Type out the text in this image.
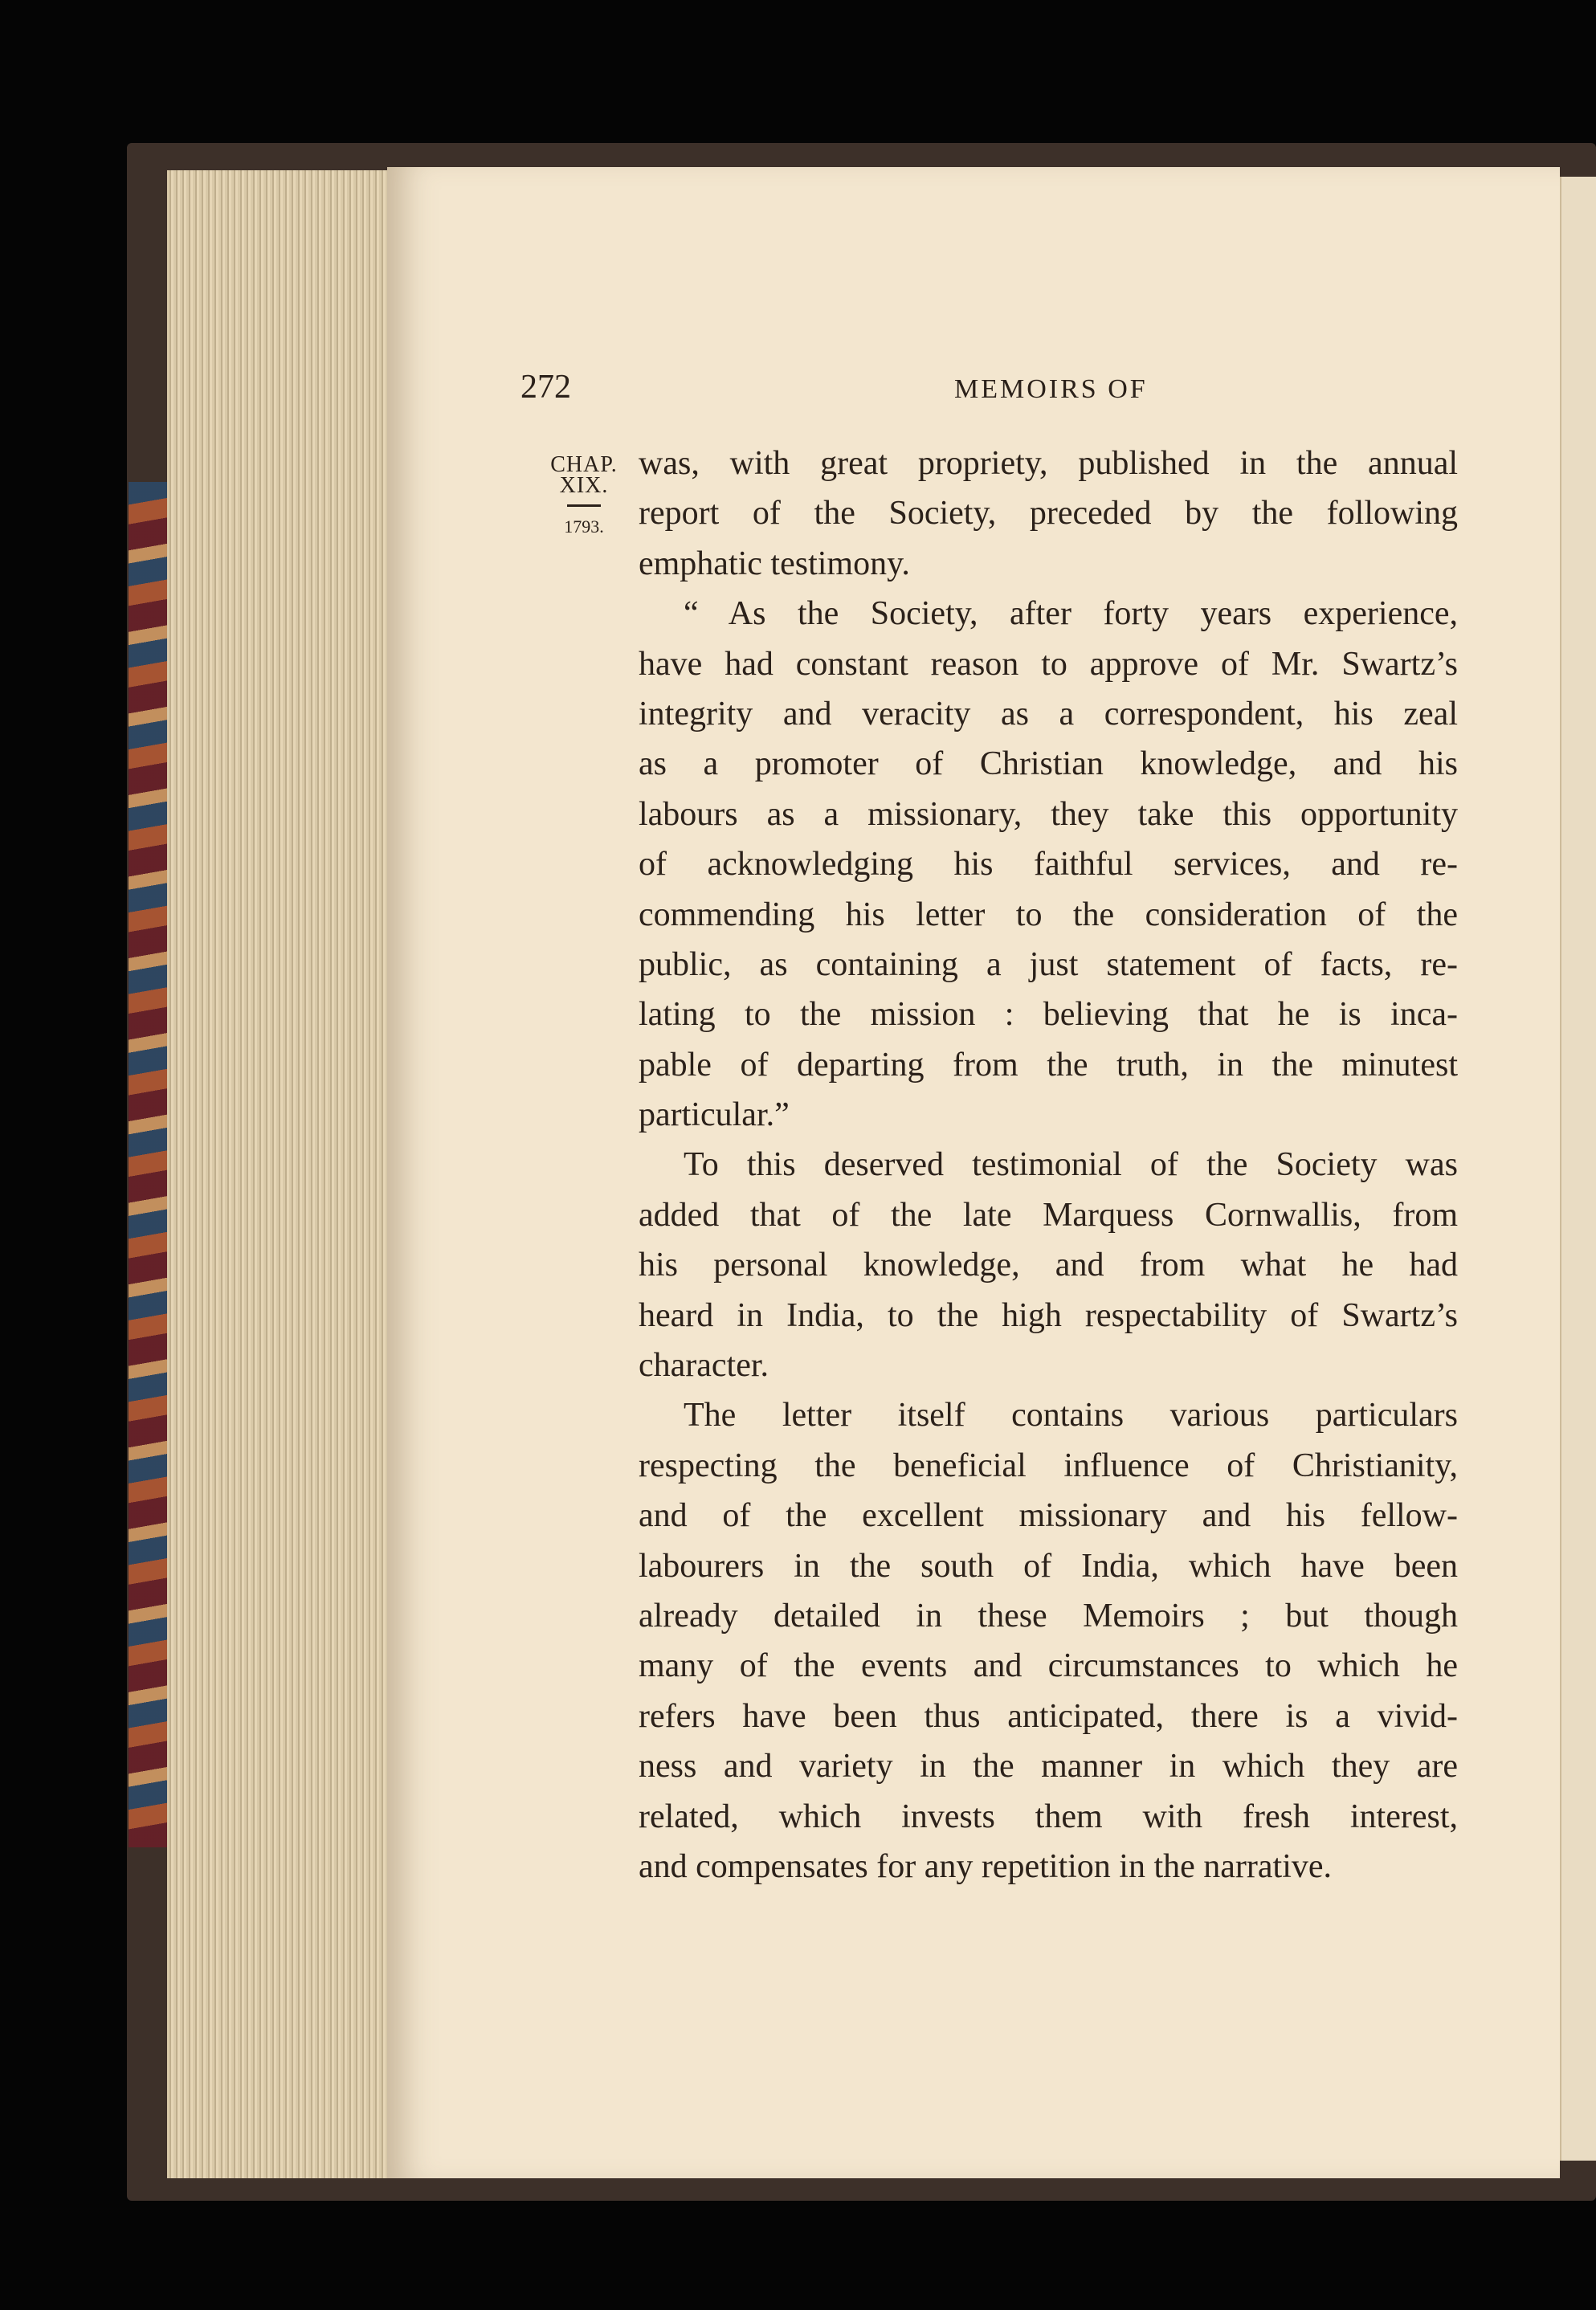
272	MEMOIRS OF
CHAP.
XIX.
1793.
was, with great propriety, published in the annual
report of the Society, preceded by the following
emphatic testimony.
“ As the Society, after forty years experience,
have had constant reason to approve of Mr. Swartz’s
integrity and veracity as a correspondent, his zeal
as a promoter of Christian knowledge, and his
labours as a missionary, they take this opportunity
of acknowledging his faithful services, and re-
commending his letter to the consideration of the
public, as containing a just statement of facts, re-
lating to the mission : believing that he is inca-
pable of departing from the truth, in the minutest
particular.”
To this deserved testimonial of the Society was
added that of the late Marquess Cornwallis, from
his personal knowledge, and from what he had
heard in India, to the high respectability of Swartz’s
character.
The letter itself contains various particulars
respecting the beneficial influence of Christianity,
and of the excellent missionary and his fellow-
labourers in the south of India, which have been
already detailed in these Memoirs ; but though
many of the events and circumstances to which he
refers have been thus anticipated, there is a vivid-
ness and variety in the manner in which they are
related, which invests them with fresh interest,
and compensates for any repetition in the narrative.
